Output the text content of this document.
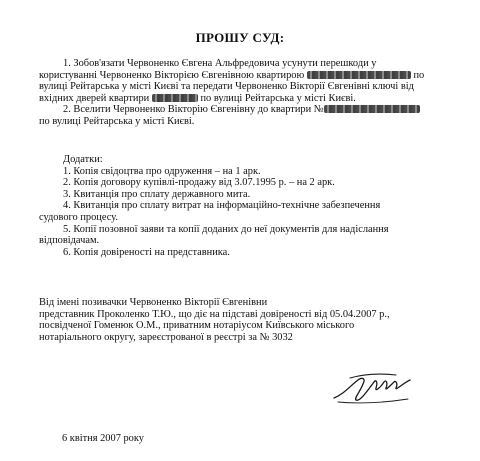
ПРОШУ СУД:
1. Зобов'язати Червоненко Євгена Альфредовича усунути перешкоди у
користуванні Червоненко Вікторією Євгенівною квартирою	по
вулиці Рейтарська у місті Києві та передати Червоненко Вікторії Євгенівні ключі від
вхідних дверей квартири	по вулиці Рейтарська у місті Києві.
2. Вселити Червоненко Вікторію Євгенівну до квартири №
по вулиці Рейтарська у місті Києві.
Додатки:
1. Копія свідоцтва про одруження – на 1 арк.
2. Копія договору купівлі-продажу від 3.07.1995 р. – на 2 арк.
3. Квитанція про сплату державного мита.
4. Квитанція про сплату витрат на інформаційно-технічне забезпечення
судового процесу.
5. Копії позовної заяви та копії доданих до неї документів для надіслання
відповідачам.
6. Копія довіреності на представника.
Від імені позивачки Червоненко Вікторії Євгенівни
представник Проколенко Т.Ю., що діє на підставі довіреності від 05.04.2007 р.,
посвідченої Гоменюк О.М., приватним нотаріусом Київського міського
нотаріального округу, зареєстрованої в реєстрі за № 3032
6 квітня 2007 року
